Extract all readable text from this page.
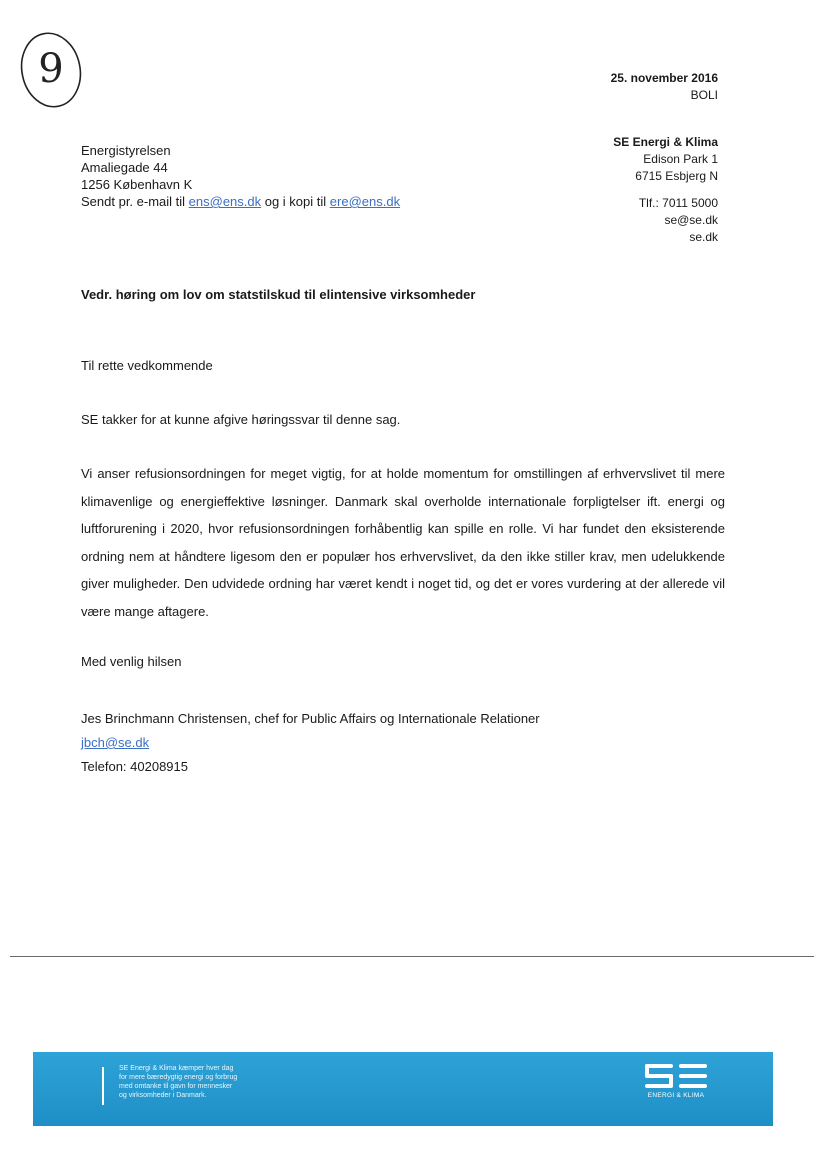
9	25. november 2016
BOLI
SE Energi & Klima
Edison Park 1
6715 Esbjerg N
Tlf.: 7011 5000
se@se.dk
se.dk
Energistyrelsen
Amaliegade 44
1256 København K
Sendt pr. e-mail til ens@ens.dk og i kopi til ere@ens.dk
Vedr. høring om lov om statstilskud til elintensive virksomheder
Til rette vedkommende
SE takker for at kunne afgive høringssvar til denne sag.
Vi anser refusionsordningen for meget vigtig, for at holde momentum for omstillingen af erhvervslivet til mere klimavenlige og energieffektive løsninger. Danmark skal overholde internationale forpligtelser ift. energi og luftforurening i 2020, hvor refusionsordningen forhåbentlig kan spille en rolle. Vi har fundet den eksisterende ordning nem at håndtere ligesom den er populær hos erhvervslivet, da den ikke stiller krav, men udelukkende giver muligheder. Den udvidede ordning har været kendt i noget tid, og det er vores vurdering at der allerede vil være mange aftagere.
Med venlig hilsen
Jes Brinchmann Christensen, chef for Public Affairs og Internationale Relationer
jbch@se.dk
Telefon: 40208915
SE Energi & Klima kæmper hver dag
for mere bæredygtig energi og forbrug
med omtanke til gavn for mennesker
og virksomheder i Danmark.	ENERGI & KLIMA
